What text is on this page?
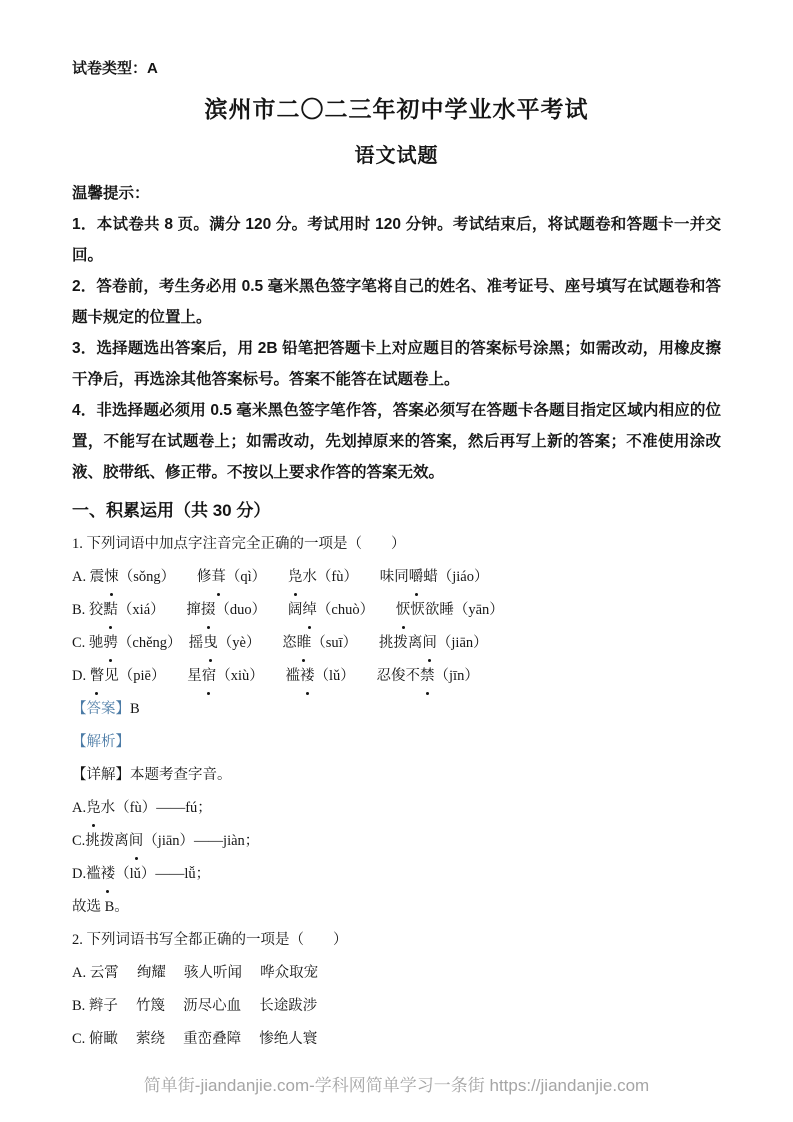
试卷类型：A

滨州市二〇二三年初中学业水平考试
语文试题

温馨提示：

1．本试卷共 8 页。满分 120 分。考试用时 120 分钟。考试结束后，将试题卷和答题卡一并交回。

2．答卷前，考生务必用 0.5 毫米黑色签字笔将自己的姓名、准考证号、座号填写在试题卷和答题卡规定的位置上。

3．选择题选出答案后，用 2B 铅笔把答题卡上对应题目的答案标号涂黑；如需改动，用橡皮擦干净后，再选涂其他答案标号。答案不能答在试题卷上。

4．非选择题必须用 0.5 毫米黑色签字笔作答，答案必须写在答题卡各题目指定区域内相应的位置，不能写在试题卷上；如需改动，先划掉原来的答案，然后再写上新的答案；不准使用涂改液、胶带纸、修正带。不按以上要求作答的答案无效。

一、积累运用（共 30 分）

1. 下列词语中加点字注音完全正确的一项是（　　）

A. 震悚（sǒng）　　修葺（qì）　　凫水（fù）　　味同嚼蜡（jiáo）

B. 狡黠（xiá）　　撺掇（duo）　　阔绰（chuò）　　恹恹欲睡（yān）

C. 驰骋（chěng）　摇曳（yè）　　恣睢（suī）　　挑拨离间（jiān）

D. 瞥见（piē）　　星宿（xiù）　　褴褛（lǔ）　　忍俊不禁（jīn）

【答案】B

【解析】

【详解】本题考查字音。

A.凫水（fù）——fú；

C.挑拨离间（jiān）——jiàn；

D.褴褛（lǔ）——lǚ；

故选 B。

2. 下列词语书写全都正确的一项是（　　）

A. 云霄　 绚耀　 骇人听闻　 哗众取宠

B. 辫子　 竹篾　 沥尽心血　 长途跋涉

C. 俯瞰　 萦绕　 重峦叠障　 惨绝人寰

简单街-jiandanjie.com-学科网简单学习一条街 https://jiandanjie.com
